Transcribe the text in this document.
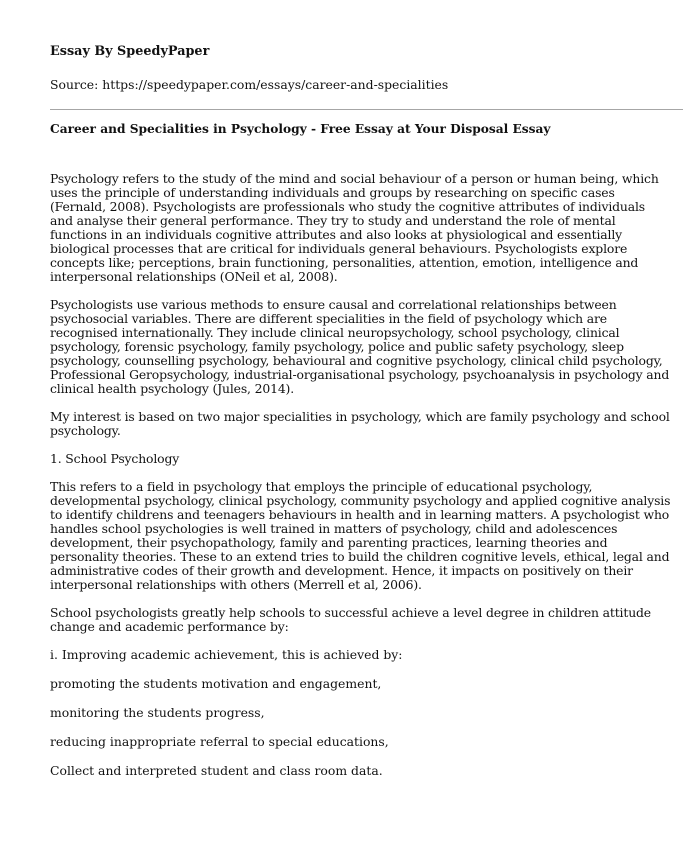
Essay By SpeedyPaper

Source: https://speedypaper.com/essays/career-and-specialities

Career and Specialities in Psychology - Free Essay at Your Disposal Essay

Psychology refers to the study of the mind and social behaviour of a person or human being, which uses the principle of understanding individuals and groups by researching on specific cases (Fernald, 2008). Psychologists are professionals who study the cognitive attributes of individuals and analyse their general performance. They try to study and understand the role of mental functions in an individuals cognitive attributes and also looks at physiological and essentially biological processes that are critical for individuals general behaviours. Psychologists explore concepts like; perceptions, brain functioning, personalities, attention, emotion, intelligence and interpersonal relationships (ONeil et al, 2008).

Psychologists use various methods to ensure causal and correlational relationships between psychosocial variables. There are different specialities in the field of psychology which are recognised internationally. They include clinical neuropsychology, school psychology, clinical psychology, forensic psychology, family psychology, police and public safety psychology, sleep psychology, counselling psychology, behavioural and cognitive psychology, clinical child psychology, Professional Geropsychology, industrial-organisational psychology, psychoanalysis in psychology and clinical health psychology (Jules, 2014).

My interest is based on two major specialities in psychology, which are family psychology and school psychology.

1. School Psychology

This refers to a field in psychology that employs the principle of educational psychology, developmental psychology, clinical psychology, community psychology and applied cognitive analysis to identify childrens and teenagers behaviours in health and in learning matters. A psychologist who handles school psychologies is well trained in matters of psychology, child and adolescences development, their psychopathology, family and parenting practices, learning theories and personality theories. These to an extend tries to build the children cognitive levels, ethical, legal and administrative codes of their growth and development. Hence, it impacts on positively on their interpersonal relationships with others (Merrell et al, 2006).

School psychologists greatly help schools to successful achieve a level degree in children attitude change and academic performance by:

i. Improving academic achievement, this is achieved by:

promoting the students motivation and engagement,

monitoring the students progress,

reducing inappropriate referral to special educations,

Collect and interpreted student and class room data.
